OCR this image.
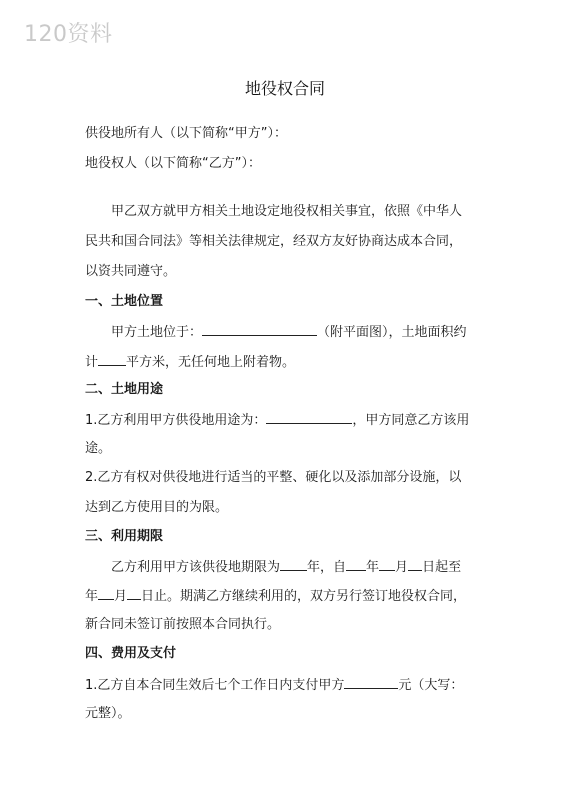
120资料
地役权合同
供役地所有人（以下简称“甲方”）：
地役权人（以下简称“乙方”）：
甲乙双方就甲方相关土地设定地役权相关事宜，依照《中华人
民共和国合同法》等相关法律规定，经双方友好协商达成本合同，
以资共同遵守。
一、土地位置
甲方土地位于：	（附平面图），土地面积约
计 平方米，无任何地上附着物。
二、土地用途
1.乙方利用甲方供役地用途为：	，甲方同意乙方该用
途。
2.乙方有权对供役地进行适当的平整、硬化以及添加部分设施，以
达到乙方使用目的为限。
三、利用期限
乙方利用甲方该供役地期限为 年，自 年 月 日起至
年 月 日止。期满乙方继续利用的，双方另行签订地役权合同，
新合同未签订前按照本合同执行。
四、费用及支付
1.乙方自本合同生效后七个工作日内支付甲方	元（大写：
元整）。
